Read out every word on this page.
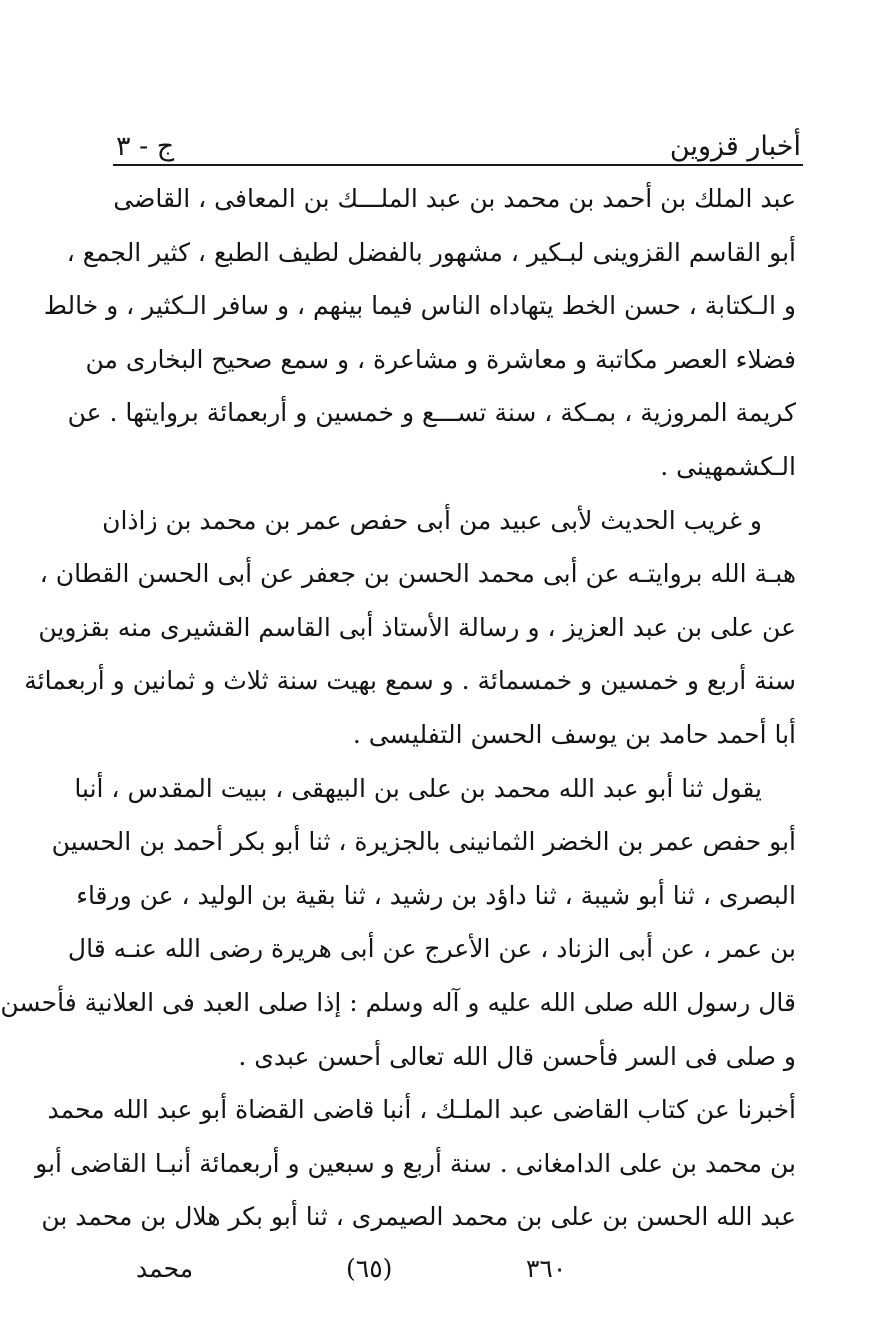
أخبار قزوين
ج - ٣
عبد الملك بن أحمد بن محمد بن عبد الملـــك بن المعافى ، القاضى
أبو القاسم القزوينى لبـكير ، مشهور بالفضل لطيف الطبع ، كثير الجمع ،
و الـكتابة ، حسن الخط يتهاداه الناس فيما بينهم ، و سافر الـكثير ، و خالط
فضلاء العصر مكاتبة و معاشرة و مشاعرة ، و سمع صحيح البخارى من
كريمة المروزية ، بمـكة ، سنة تســـع و خمسين و أربعمائة بروايتها . عن
الـكشمهينى .
و غريب الحديث لأبى عبيد من أبى حفص عمر بن محمد بن زاذان
هبـة الله بروايتـه عن أبى محمد الحسن بن جعفر عن أبى الحسن القطان ،
عن على بن عبد العزيز ، و رسالة الأستاذ أبى القاسم القشيرى منه بقزوين
سنة أربع و خمسين و خمسمائة . و سمع بهيت سنة ثلاث و ثمانين و أربعمائة
أبا أحمد حامد بن يوسف الحسن التفليسى .
يقول ثنا أبو عبد الله محمد بن على بن البيهقى ، ببيت المقدس ، أنبا
أبو حفص عمر بن الخضر الثمانينى بالجزيرة ، ثنا أبو بكر أحمد بن الحسين
البصرى ، ثنا أبو شيبة ، ثنا داؤد بن رشيد ، ثنا بقية بن الوليد ، عن ورقاء
بن عمر ، عن أبى الزناد ، عن الأعرج عن أبى هريرة رضى الله عنـه قال
قال رسول الله صلى الله عليه و آله وسلم : إذا صلى العبد فى العلانية فأحسن
و صلى فى السر فأحسن قال الله تعالى أحسن عبدى .
أخبرنا عن كتاب القاضى عبد الملـك ، أنبا قاضى القضاة أبو عبد الله محمد
بن محمد بن على الدامغانى . سنة أربع و سبعين و أربعمائة أنبـا القاضى أبو
عبد الله الحسن بن على بن محمد الصيمرى ، ثنا أبو بكر هلال بن محمد بن
٣٦٠
(٦٥)
محمد
